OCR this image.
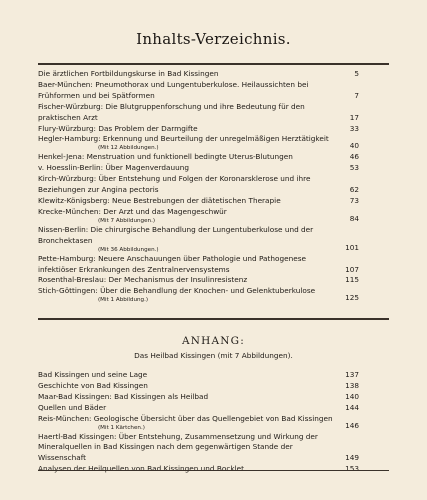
Inhalts-Verzeichnis.
Die ärztlichen Fortbildungskurse in Bad Kissingen	5
Baer-München: Pneumothorax und Lungentuberkulose. Heilaussichten bei Frühformen und bei Spätformen	7
Fischer-Würzburg: Die Blutgruppenforschung und ihre Bedeutung für den praktischen Arzt	17
Flury-Würzburg: Das Problem der Darmgifte	33
Hegler-Hamburg: Erkennung und Beurteilung der unregelmäßigen Herztätigkeit
(Mit 12 Abbildungen.)	40
Henkel-Jena: Menstruation und funktionell bedingte Uterus-Blutungen	46
v. Hoesslin-Berlin: Über Magenverdauung	53
Kirch-Würzburg: Über Entstehung und Folgen der Koronarsklerose und ihre Beziehungen zur Angina pectoris	62
Klewitz-Königsberg: Neue Bestrebungen der diätetischen Therapie	73
Krecke-München: Der Arzt und das Magengeschwür
(Mit 7 Abbildungen.)	84
Nissen-Berlin: Die chirurgische Behandlung der Lungentuberkulose und der Bronchektasen
(Mit 36 Abbildungen.)	101
Pette-Hamburg: Neuere Anschauungen über Pathologie und Pathogenese infektiöser Erkrankungen des Zentralnervensystems	107
Rosenthal-Breslau: Der Mechanismus der Insulinresistenz	115
Stich-Göttingen: Über die Behandlung der Knochen- und Gelenktuberkulose
(Mit 1 Abbildung.)	125
ANHANG:
Das Heilbad Kissingen (mit 7 Abbildungen).
Bad Kissingen und seine Lage	137
Geschichte von Bad Kissingen	138
Maar-Bad Kissingen: Bad Kissingen als Heilbad	140
Quellen und Bäder	144
Reis-München: Geologische Übersicht über das Quellengebiet von Bad Kissingen
(Mit 1 Kärtchen.)	146
Haertl-Bad Kissingen: Über Entstehung, Zusammensetzung und Wirkung der Mineralquellen in Bad Kissingen nach dem gegenwärtigen Stande der Wissenschaft	149
Analysen der Heilquellen von Bad Kissingen und Bocklet	153
